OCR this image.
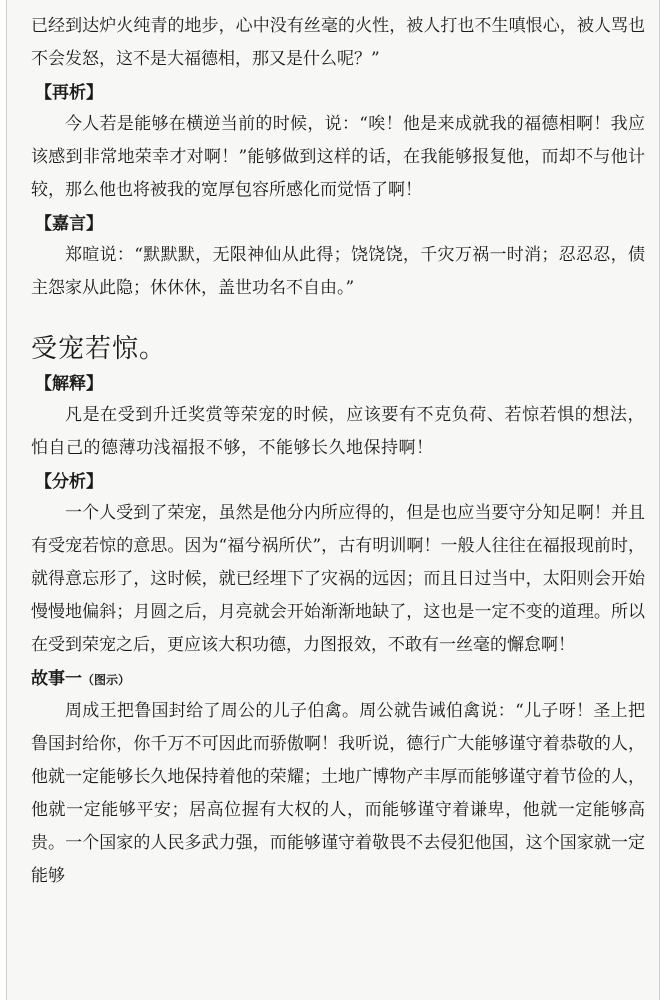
已经到达炉火纯青的地步，心中没有丝毫的火性，被人打也不生嗔恨心，被人骂也不会发怒，这不是大福德相，那又是什么呢？”

【再析】

今人若是能够在横逆当前的时候，说：“唉！他是来成就我的福德相啊！我应该感到非常地荣幸才对啊！”能够做到这样的话，在我能够报复他，而却不与他计较，那么他也将被我的宽厚包容所感化而觉悟了啊！

【嘉言】

郑暄说：“默默默，无限神仙从此得；饶饶饶，千灾万祸一时消；忍忍忍，债主怨家从此隐；休休休，盖世功名不自由。”

受宠若惊。
【解释】

凡是在受到升迁奖赏等荣宠的时候，应该要有不克负荷、若惊若惧的想法，怕自己的德薄功浅福报不够，不能够长久地保持啊！

【分析】

一个人受到了荣宠，虽然是他分内所应得的，但是也应当要守分知足啊！并且有受宠若惊的意思。因为“福兮祸所伏”，古有明训啊！一般人往往在福报现前时，就得意忘形了，这时候，就已经埋下了灾祸的远因；而且日过当中，太阳则会开始慢慢地偏斜；月圆之后，月亮就会开始渐渐地缺了，这也是一定不变的道理。所以在受到荣宠之后，更应该大积功德，力图报效，不敢有一丝毫的懈怠啊！

故事一（图示）

周成王把鲁国封给了周公的儿子伯禽。周公就告诫伯禽说：“儿子呀！圣上把鲁国封给你，你千万不可因此而骄傲啊！我听说，德行广大能够谨守着恭敬的人，他就一定能够长久地保持着他的荣耀；土地广博物产丰厚而能够谨守着节俭的人，他就一定能够平安；居高位握有大权的人，而能够谨守着谦卑，他就一定能够高贵。一个国家的人民多武力强，而能够谨守着敬畏不去侵犯他国，这个国家就一定能够
